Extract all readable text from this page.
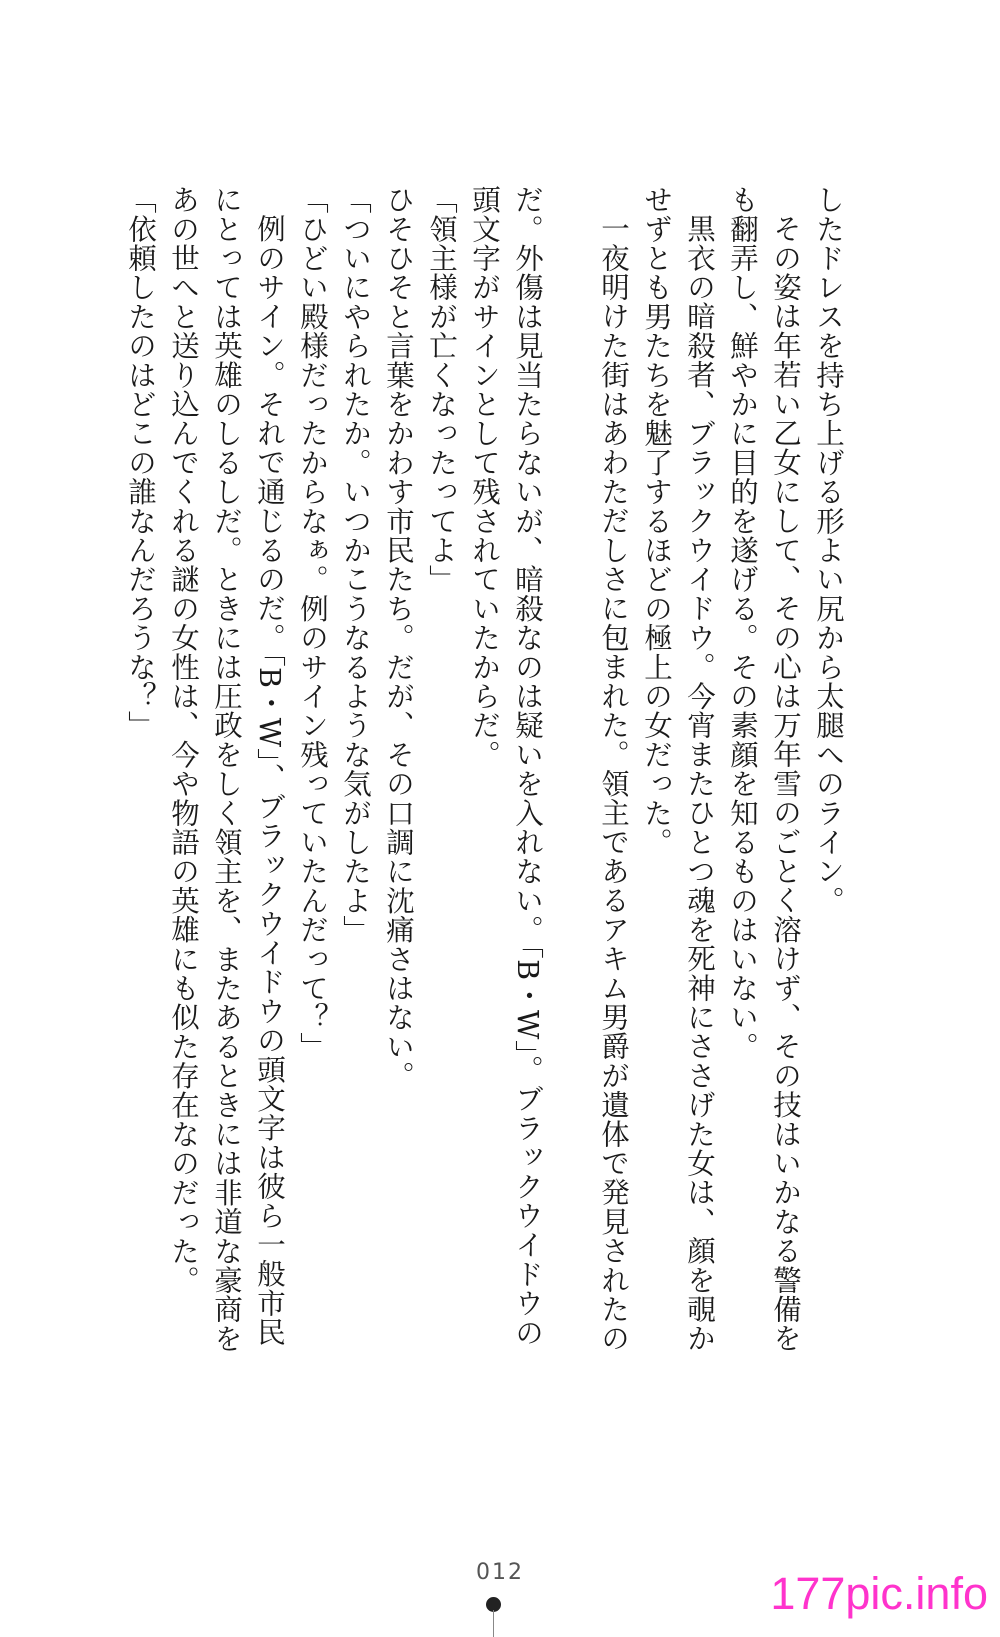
したドレスを持ち上げる形よい尻から太腿へのライン。
その姿は年若い乙女にして、その心は万年雪のごとく溶けず、その技はいかなる警備を
も翻弄し、鮮やかに目的を遂げる。その素顔を知るものはいない。
黒衣の暗殺者、ブラックウイドウ。今宵またひとつ魂を死神にささげた女は、顔を覗か
せずとも男たちを魅了するほどの極上の女だった。
一夜明けた街はあわただしさに包まれた。領主であるアキム男爵が遺体で発見されたの
だ。外傷は見当たらないが、暗殺なのは疑いを入れない。「B・W」。ブラックウイドウの
頭文字がサインとして残されていたからだ。
「領主様が亡くなったってよ」
ひそひそと言葉をかわす市民たち。だが、その口調に沈痛さはない。
「ついにやられたか。いつかこうなるような気がしたよ」
「ひどい殿様だったからなぁ。例のサイン残っていたんだって？」
例のサイン。それで通じるのだ。「B・W」、ブラックウイドウの頭文字は彼ら一般市民
にとっては英雄のしるしだ。ときには圧政をしく領主を、またあるときには非道な豪商を
あの世へと送り込んでくれる謎の女性は、今や物語の英雄にも似た存在なのだった。
「依頼したのはどこの誰なんだろうな？」
012	177pic.info
